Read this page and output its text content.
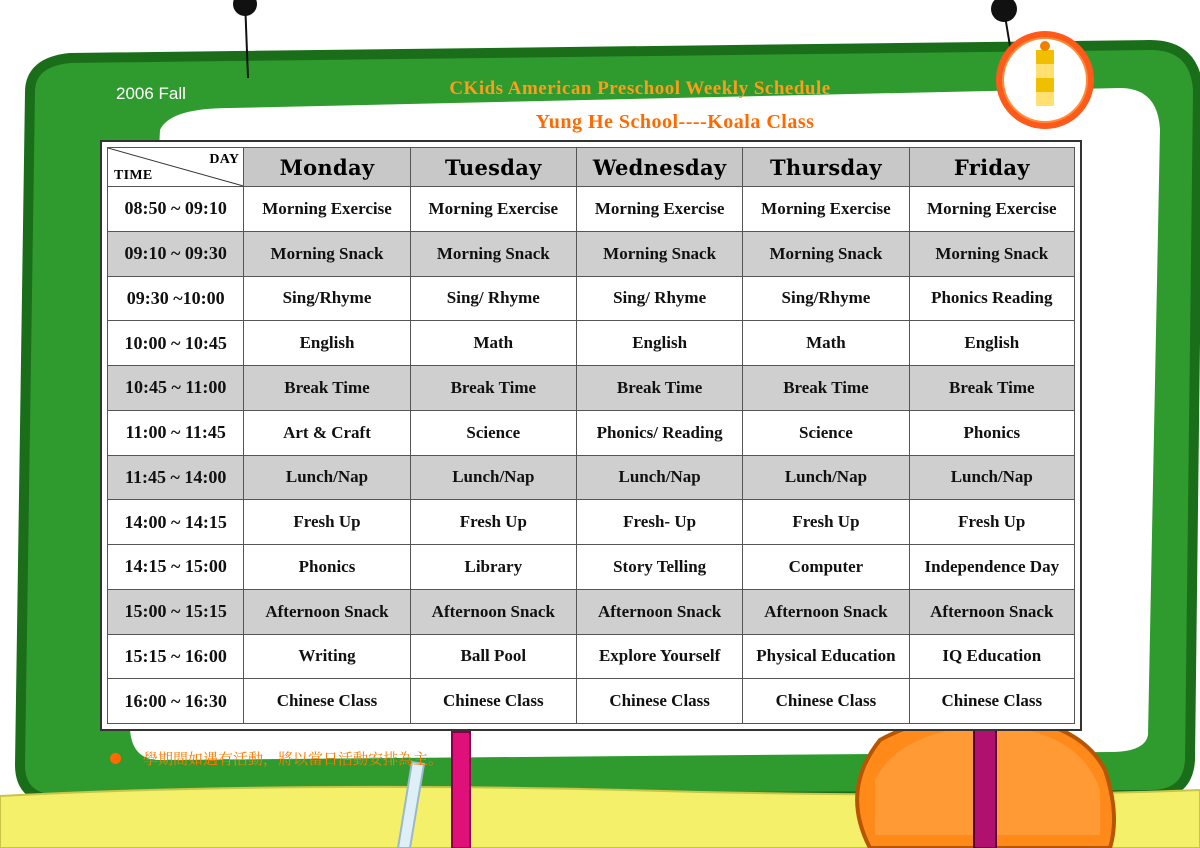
2006 Fall	CKids American Preschool Weekly Schedule
Yung He School----Koala Class
DAY
TIME	Monday	Tuesday	Wednesday	Thursday	Friday
08:50 ~ 09:10	Morning Exercise	Morning Exercise	Morning Exercise	Morning Exercise	Morning Exercise
09:10 ~ 09:30	Morning Snack	Morning Snack	Morning Snack	Morning Snack	Morning Snack
09:30 ~10:00	Sing/Rhyme	Sing/ Rhyme	Sing/ Rhyme	Sing/Rhyme	Phonics Reading
10:00 ~ 10:45	English	Math	English	Math	English
10:45 ~ 11:00	Break Time	Break Time	Break Time	Break Time	Break Time
11:00 ~ 11:45	Art & Craft	Science	Phonics/ Reading	Science	Phonics
11:45 ~ 14:00	Lunch/Nap	Lunch/Nap	Lunch/Nap	Lunch/Nap	Lunch/Nap
14:00 ~ 14:15	Fresh Up	Fresh Up	Fresh- Up	Fresh Up	Fresh Up
14:15 ~ 15:00	Phonics	Library	Story Telling	Computer	Independence Day
15:00 ~ 15:15	Afternoon Snack	Afternoon Snack	Afternoon Snack	Afternoon Snack	Afternoon Snack
15:15 ~ 16:00	Writing	Ball Pool	Explore Yourself	Physical Education	IQ Education
16:00 ~ 16:30	Chinese Class	Chinese Class	Chinese Class	Chinese Class	Chinese Class
學期間如遇有活動，將以當日活動安排為主。
